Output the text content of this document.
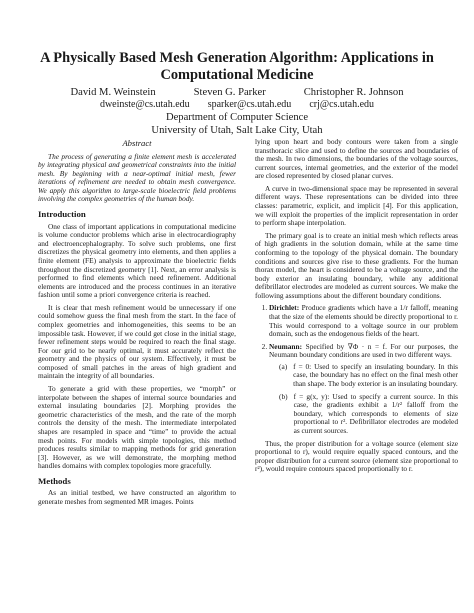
A Physically Based Mesh Generation Algorithm: Applications in Computational Medicine
David M. Weinstein	Steven G. Parker	Christopher R. Johnson
dweinste@cs.utah.edu sparker@cs.utah.edu crj@cs.utah.edu
Department of Computer Science
University of Utah, Salt Lake City, Utah
Abstract

The process of generating a finite element mesh is accelerated by integrating physical and geometrical constraints into the initial mesh. By beginning with a near-optimal initial mesh, fewer iterations of refinement are needed to obtain mesh convergence. We apply this algorithm to large-scale bioelectric field problems involving the complex geometries of the human body.

Introduction

One class of important applications in computational medicine is volume conductor problems which arise in electrocardiography and electroencephalography. To solve such problems, one first discretizes the physical geometry into elements, and then applies a finite element (FE) analysis to approximate the bioelectric fields throughout the discretized geometry [1]. Next, an error analysis is performed to find elements which need refinement. Additional elements are introduced and the process continues in an iterative fashion until some a priori convergence criteria is reached.

It is clear that mesh refinement would be unnecessary if one could somehow guess the final mesh from the start. In the face of complex geometries and inhomogeneities, this seems to be an impossible task. However, if we could get close in the initial stage, fewer refinement steps would be required to reach the final stage. For our grid to be nearly optimal, it must accurately reflect the geometry and the physics of our system. Effectively, it must be composed of small patches in the areas of high gradient and maintain the integrity of all boundaries.

To generate a grid with these properties, we “morph” or interpolate between the shapes of internal source boundaries and external insulating boundaries [2]. Morphing provides the geometric characteristics of the mesh, and the rate of the morph controls the density of the mesh. The intermediate interpolated shapes are resampled in space and “time” to provide the actual mesh points. For models with simple topologies, this method produces results similar to mapping methods for grid generation [3]. However, as we will demonstrate, the morphing method handles domains with complex topologies more gracefully.

Methods

As an initial testbed, we have constructed an algorithm to generate meshes from segmented MR images. Points

lying upon heart and body contours were taken from a single transthoracic slice and used to define the sources and boundaries of the mesh. In two dimensions, the boundaries of the voltage sources, current sources, internal geometries, and the exterior of the model are closed represented by closed planar curves.

A curve in two-dimensional space may be represented in several different ways. These representations can be divided into three classes: parametric, explicit, and implicit [4]. For this application, we will exploit the properties of the implicit representation in order to perform shape interpolation.

The primary goal is to create an initial mesh which reflects areas of high gradients in the solution domain, while at the same time conforming to the topology of the physical domain. The boundary conditions and sources give rise to these gradients. For the human thorax model, the heart is considered to be a voltage source, and the body exterior an insulating boundary, while any additional defibrillator electrodes are modeled as current sources. We make the following assumptions about the different boundary conditions.

1. Dirichlet: Produce gradients which have a 1/r falloff, meaning that the size of the elements should be directly proportional to r. This would correspond to a voltage source in our problem domain, such as the endogenous fields of the heart.
2. Neumann: Specified by ∇Φ · n = f. For our purposes, the Neumann boundary conditions are used in two different ways.
(a) f = 0: Used to specify an insulating boundary. In this case, the boundary has no effect on the final mesh other than shape. The body exterior is an insulating boundary.
(b) f = g(x, y): Used to specify a current source. In this case, the gradients exhibit a 1/r² falloff from the boundary, which corresponds to elements of size proportional to r². Defibrillator electrodes are modeled as current sources.

Thus, the proper distribution for a voltage source (element size proportional to r), would require equally spaced contours, and the proper distribution for a current source (element size proportional to r²), would require contours spaced proportionally to r.
